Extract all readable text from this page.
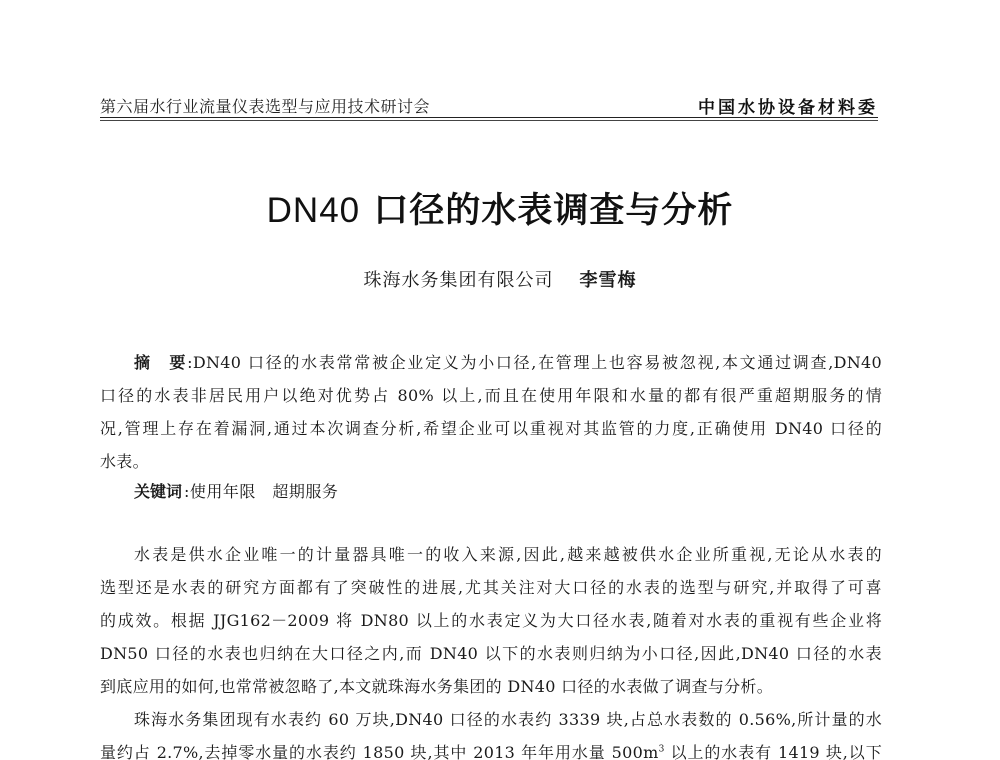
第六届水行业流量仪表选型与应用技术研讨会	中国水协设备材料委
DN40 口径的水表调查与分析
珠海水务集团有限公司 李雪梅
摘　要:DN40 口径的水表常常被企业定义为小口径,在管理上也容易被忽视,本文通过调查,DN40
口径的水表非居民用户以绝对优势占 80% 以上,而且在使用年限和水量的都有很严重超期服务的情
况,管理上存在着漏洞,通过本次调查分析,希望企业可以重视对其监管的力度,正确使用 DN40 口径的
水表。
关键词 :使用年限　超期服务
水表是供水企业唯一的计量器具唯一的收入来源,因此,越来越被供水企业所重视,无论从水表的
选型还是水表的研究方面都有了突破性的进展,尤其关注对大口径的水表的选型与研究,并取得了可喜
的成效。根据 JJG162－2009 将 DN80 以上的水表定义为大口径水表,随着对水表的重视有些企业将
DN50 口径的水表也归纳在大口径之内,而 DN40 以下的水表则归纳为小口径,因此,DN40 口径的水表
到底应用的如何,也常常被忽略了,本文就珠海水务集团的 DN40 口径的水表做了调查与分析。
珠海水务集团现有水表约 60 万块,DN40 口径的水表约 3339 块,占总水表数的 0.56%,所计量的水
量约占 2.7%,去掉零水量的水表约 1850 块,其中 2013 年年用水量 $500m^3$ 以上的水表有 1419 块,以下
